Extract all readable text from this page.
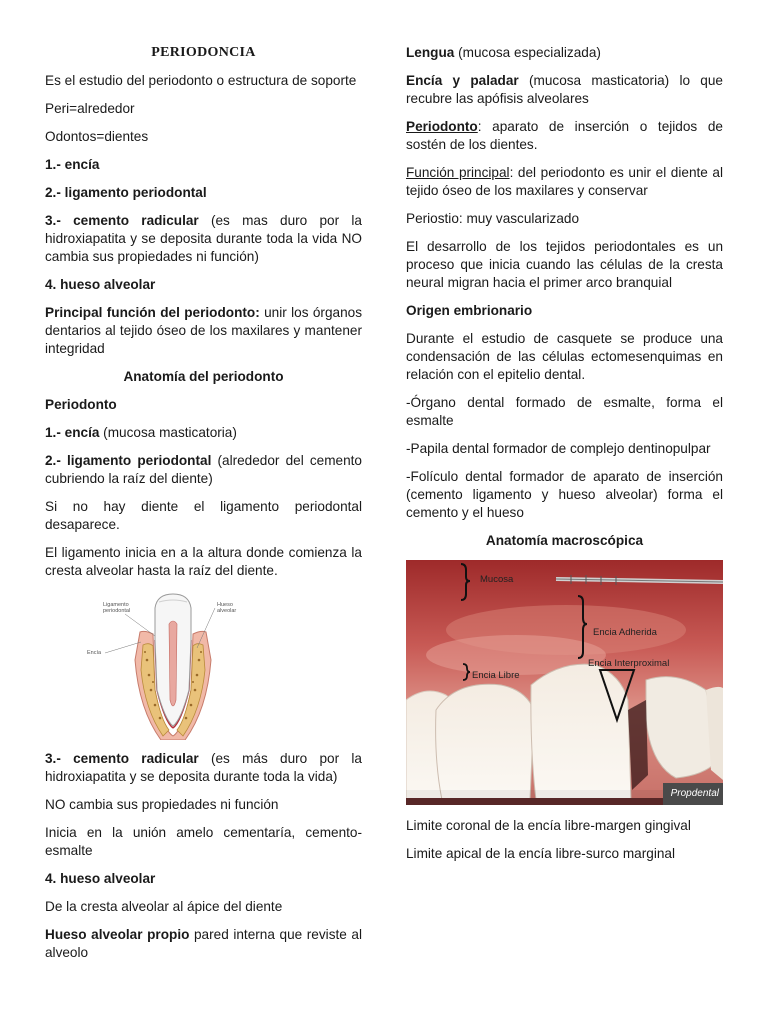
PERIODONCIA

Es el estudio del periodonto o estructura de soporte

Peri=alrededor

Odontos=dientes

1.- encía

2.- ligamento periodontal

3.- cemento radicular (es mas duro por la hidroxiapatita y se deposita durante toda la vida NO cambia sus propiedades ni función)

4. hueso alveolar

Principal función del periodonto: unir los órganos dentarios al tejido óseo de los maxilares y mantener integridad

Anatomía del periodonto

Periodonto

1.- encía (mucosa masticatoria)

2.- ligamento periodontal (alrededor del cemento cubriendo la raíz del diente)

Si no hay diente el ligamento periodontal desaparece.

El ligamento inicia en a la altura donde comienza la cresta alveolar hasta la raíz del diente.

Ligamento
periodontal
Hueso
alveolar
Encía

3.- cemento radicular (es más duro por la hidroxiapatita y se deposita durante toda la vida)

NO cambia sus propiedades ni función

Inicia en la unión amelo cementaría, cemento-esmalte

4. hueso alveolar

De la cresta alveolar al ápice del diente

Hueso alveolar propio pared interna que reviste al alveolo

Lengua (mucosa especializada)

Encía y paladar (mucosa masticatoria) lo que recubre las apófisis alveolares

Periodonto: aparato de inserción o tejidos de sostén de los dientes.

Función principal: del periodonto es unir el diente al tejido óseo de los maxilares y conservar

Periostio: muy vascularizado

El desarrollo de los tejidos periodontales es un proceso que inicia cuando las células de la cresta neural migran hacia el primer arco branquial

Origen embrionario

Durante el estudio de casquete se produce una condensación de las células ectomesenquimas en relación con el epitelio dental.

-Órgano dental formado de esmalte, forma el esmalte

-Papila dental formador de complejo dentinopulpar

-Folículo dental formador de aparato de inserción (cemento ligamento y hueso alveolar) forma el cemento y el hueso

Anatomía macroscópica

Mucosa
Encia Adherida
Encia Interproximal
Encia Libre
Propdental

Limite coronal de la encía libre-margen gingival

Limite apical de la encía libre-surco marginal
